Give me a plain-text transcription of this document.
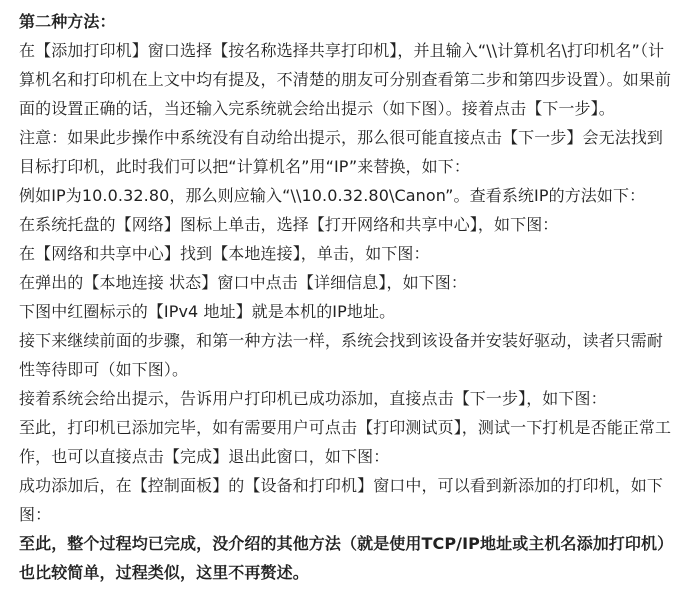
第二种方法：

在【添加打印机】窗口选择【按名称选择共享打印机】，并且输入“\\计算机名\打印机名”（计算机名和打印机在上文中均有提及，不清楚的朋友可分别查看第二步和第四步设置）。如果前面的设置正确的话，当还输入完系统就会给出提示（如下图）。接着点击【下一步】。

注意：如果此步操作中系统没有自动给出提示，那么很可能直接点击【下一步】会无法找到目标打印机，此时我们可以把“计算机名”用“IP”来替换，如下：

例如IP为10.0.32.80，那么则应输入“\\10.0.32.80\Canon”。查看系统IP的方法如下：

在系统托盘的【网络】图标上单击，选择【打开网络和共享中心】，如下图：

在【网络和共享中心】找到【本地连接】，单击，如下图：

在弹出的【本地连接 状态】窗口中点击【详细信息】，如下图：

下图中红圈标示的【IPv4 地址】就是本机的IP地址。

接下来继续前面的步骤，和第一种方法一样，系统会找到该设备并安装好驱动，读者只需耐性等待即可（如下图）。

接着系统会给出提示，告诉用户打印机已成功添加，直接点击【下一步】，如下图：

至此，打印机已添加完毕，如有需要用户可点击【打印测试页】，测试一下打机是否能正常工作，也可以直接点击【完成】退出此窗口，如下图：

成功添加后，在【控制面板】的【设备和打印机】窗口中，可以看到新添加的打印机，如下图：

至此，整个过程均已完成，没介绍的其他方法（就是使用TCP/IP地址或主机名添加打印机）也比较简单，过程类似，这里不再赘述。
